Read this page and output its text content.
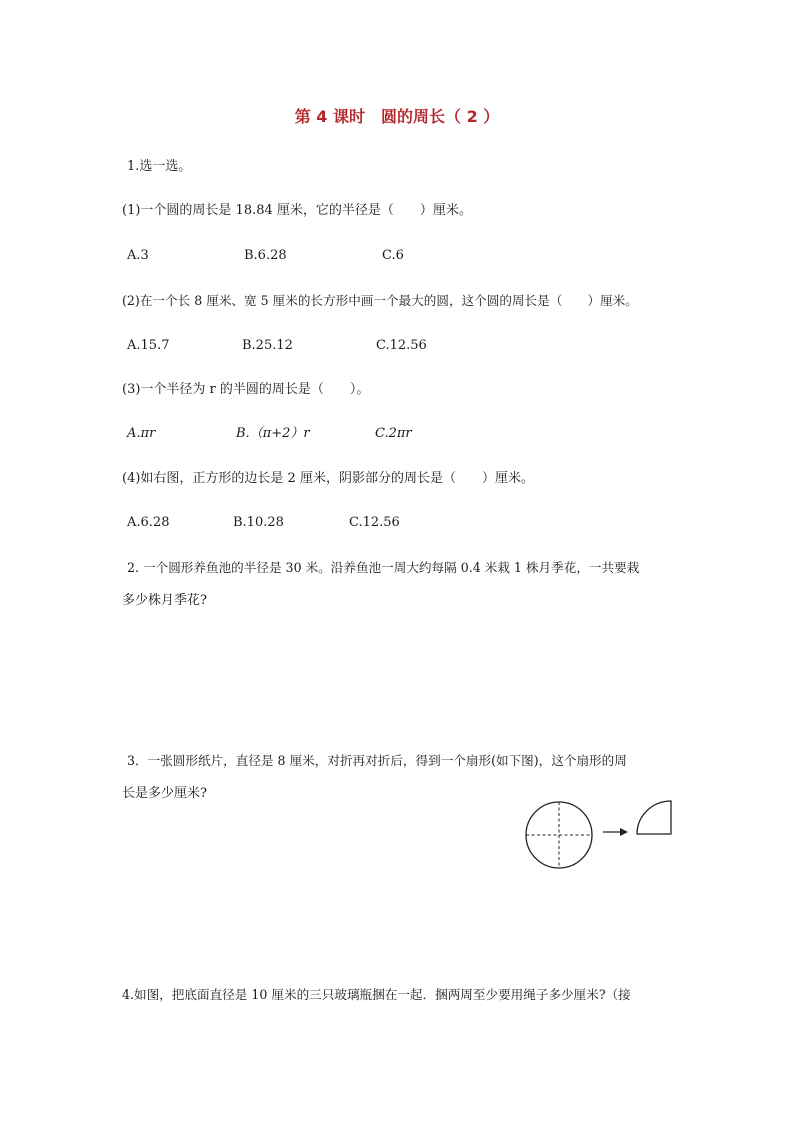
第 4 课时　圆的周长（ 2 ）
1.选一选。
(1)一个圆的周长是 18.84 厘米，它的半径是（　　）厘米。
A.3	B.6.28	C.6
(2)在一个长 8 厘米、宽 5 厘米的长方形中画一个最大的圆，这个圆的周长是（　　）厘米。
A.15.7	B.25.12	C.12.56
(3)一个半径为 r 的半圆的周长是（　　）。
A.πr	B.（π+2）r	C.2πr
(4)如右图，正方形的边长是 2 厘米，阴影部分的周长是（　　）厘米。
A.6.28	B.10.28	C.12.56
2. 一个圆形养鱼池的半径是 30 米。沿养鱼池一周大约每隔 0.4 米栽 1 株月季花，一共要栽
多少株月季花?
3．一张圆形纸片，直径是 8 厘米，对折再对折后，得到一个扇形(如下图)，这个扇形的周
长是多少厘米?
4.如图，把底面直径是 10 厘米的三只玻璃瓶捆在一起．捆两周至少要用绳子多少厘米?（接
